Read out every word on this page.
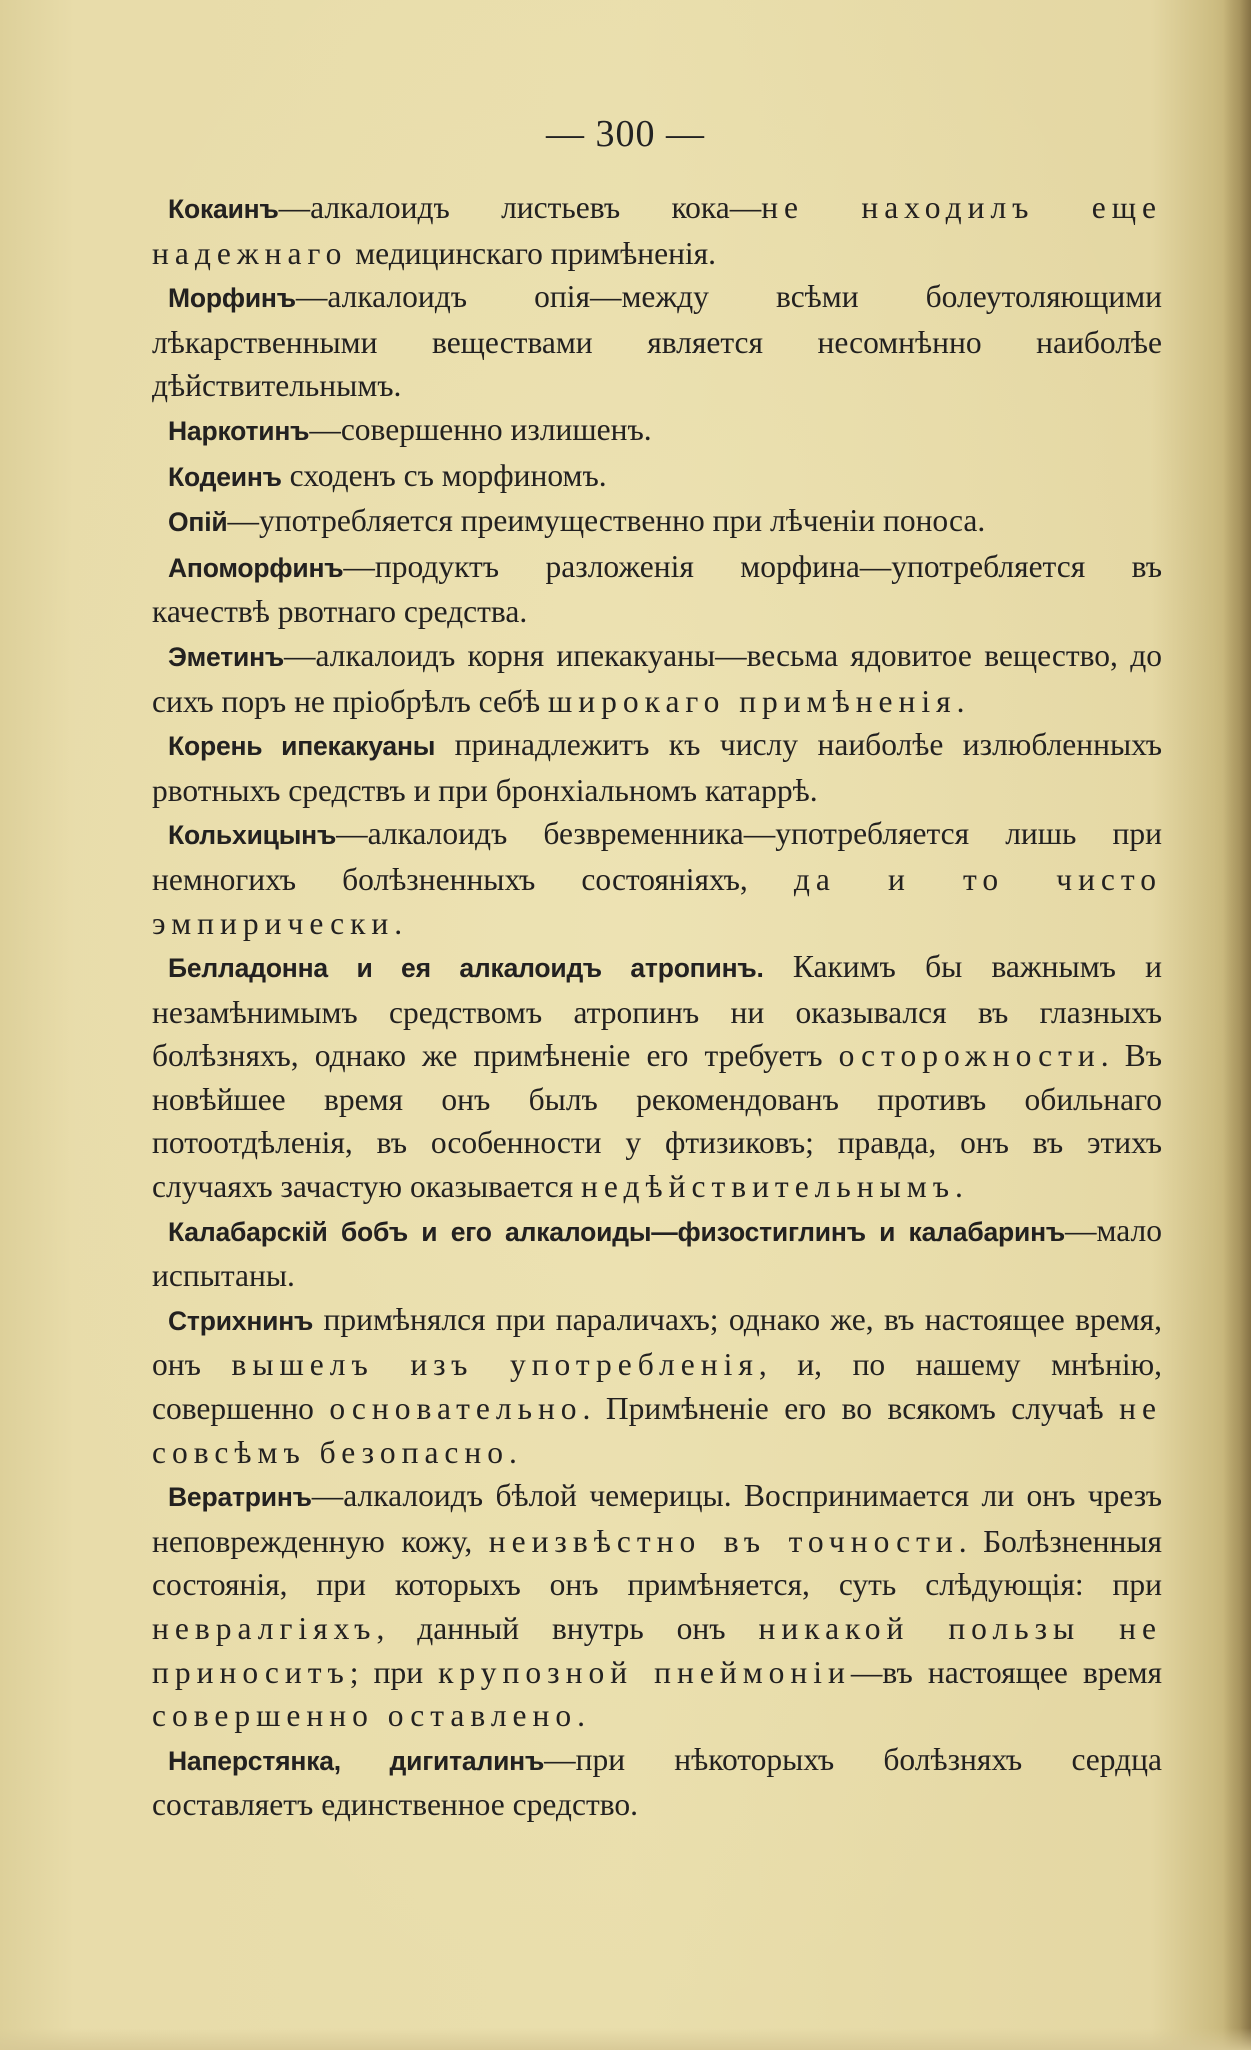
— 300 —

Кокаинъ—алкалоидъ листьевъ кока—не находилъ еще надежнаго медицинскаго примѣненія.

Морфинъ—алкалоидъ опія—между всѣми болеутоляющими лѣкарственными веществами является несомнѣнно наиболѣе дѣйствительнымъ.

Наркотинъ—совершенно излишенъ.

Кодеинъ сходенъ съ морфиномъ.

Опій—употребляется преимущественно при лѣченіи поноса.

Апоморфинъ—продуктъ разложенія морфина—употребляется въ качествѣ рвотнаго средства.

Эметинъ—алкалоидъ корня ипекакуаны—весьма ядовитое вещество, до сихъ поръ не пріобрѣлъ себѣ широкаго примѣненія.

Корень ипекакуаны принадлежитъ къ числу наиболѣе излюбленныхъ рвотныхъ средствъ и при бронхіальномъ катаррѣ.

Кольхицынъ—алкалоидъ безвременника—употребляется лишь при немногихъ болѣзненныхъ состояніяхъ, да и то чисто эмпирически.

Белладонна и ея алкалоидъ атропинъ. Какимъ бы важнымъ и незамѣнимымъ средствомъ атропинъ ни оказывался въ глазныхъ болѣзняхъ, однако же примѣненіе его требуетъ осторожности. Въ новѣйшее время онъ былъ рекомендованъ противъ обильнаго потоотдѣленія, въ особенности у фтизиковъ; правда, онъ въ этихъ случаяхъ зачастую оказывается недѣйствительнымъ.

Калабарскій бобъ и его алкалоиды—физостиглинъ и калабаринъ—мало испытаны.

Стрихнинъ примѣнялся при параличахъ; однако же, въ настоящее время, онъ вышелъ изъ употребленія, и, по нашему мнѣнію, совершенно основательно. Примѣненіе его во всякомъ случаѣ не совсѣмъ безопасно.

Вератринъ—алкалоидъ бѣлой чемерицы. Воспринимается ли онъ чрезъ неповрежденную кожу, неизвѣстно въ точности. Болѣзненныя состоянія, при которыхъ онъ примѣняется, суть слѣдующія: при невралгіяхъ, данный внутрь онъ никакой пользы не приноситъ; при крупозной пнеймоніи—въ настоящее время совершенно оставлено.

Наперстянка, дигиталинъ—при нѣкоторыхъ болѣзняхъ сердца составляетъ единственное средство.
